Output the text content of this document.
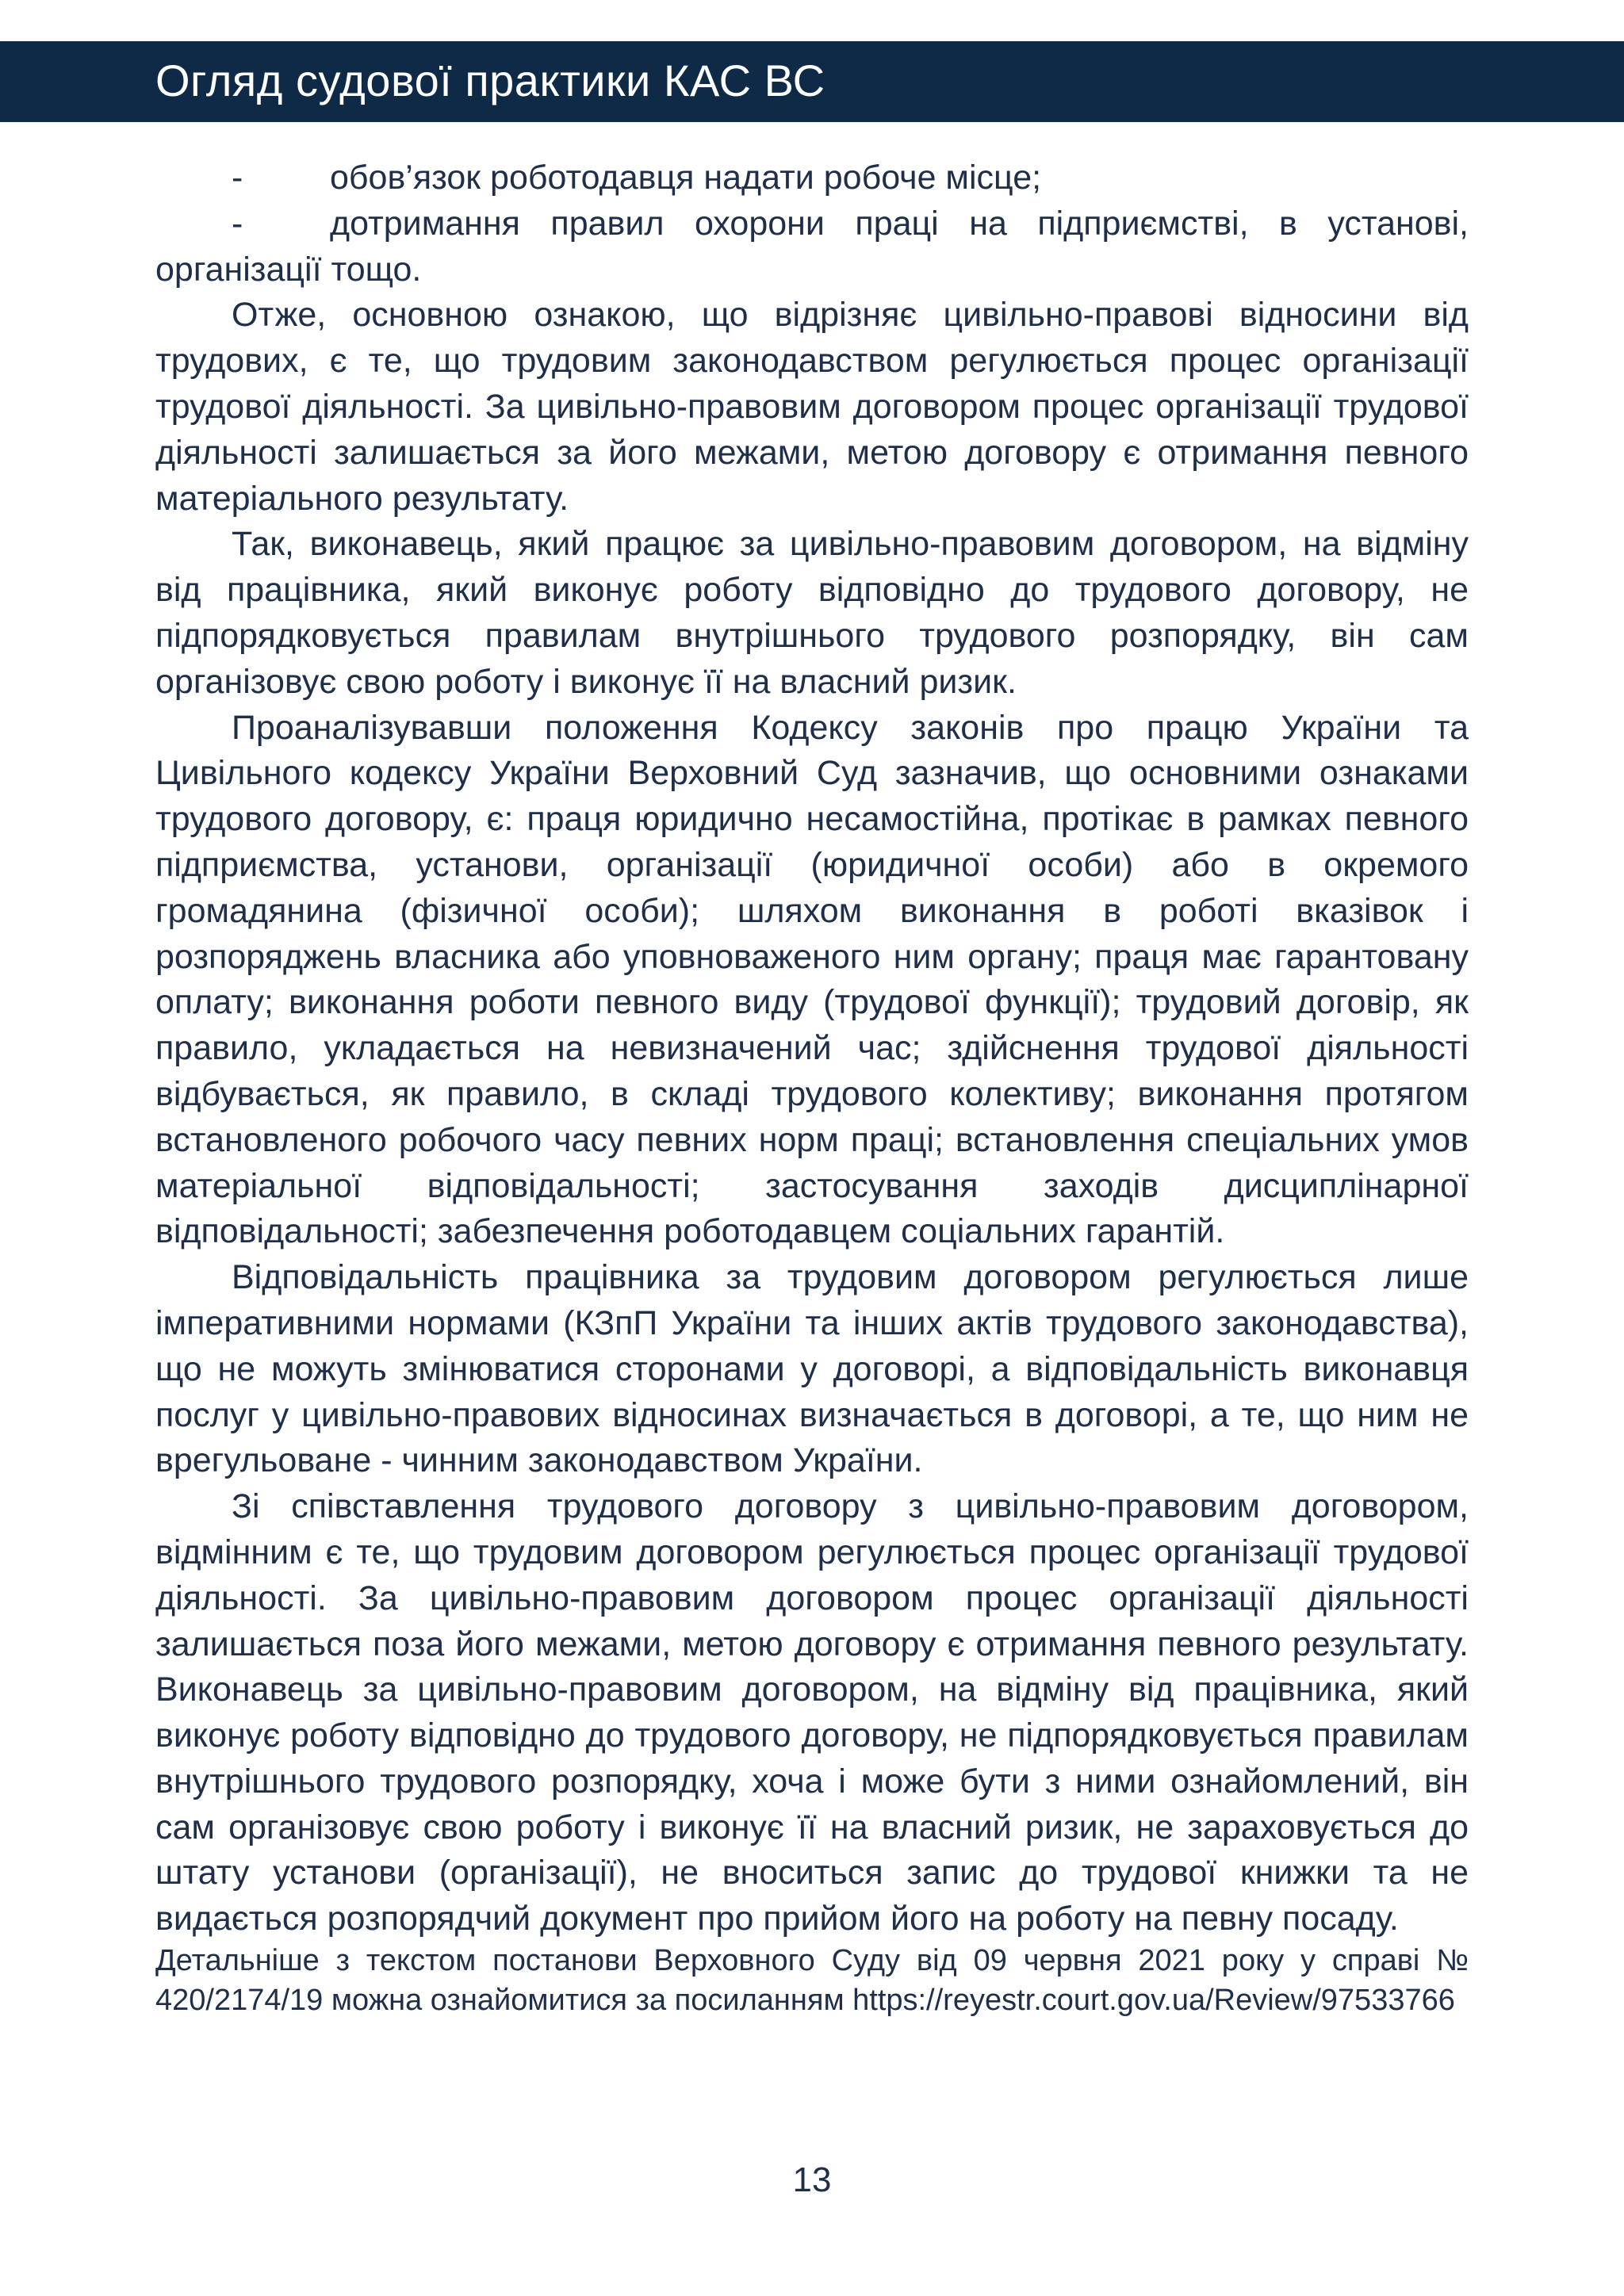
Огляд судової практики КАС ВС

-	обов’язок роботодавця надати робоче місце;

-	дотримання правил охорони праці на підприємстві, в установі, організації тощо.

Отже, основною ознакою, що відрізняє цивільно-правові відносини від трудових, є те, що трудовим законодавством регулюється процес організації трудової діяльності. За цивільно-правовим договором процес організації трудової діяльності залишається за його межами, метою договору є отримання певного матеріального результату.

Так, виконавець, який працює за цивільно-правовим договором, на відміну від працівника, який виконує роботу відповідно до трудового договору, не підпорядковується правилам внутрішнього трудового розпорядку, він сам організовує свою роботу і виконує її на власний ризик.

Проаналізувавши положення Кодексу законів про працю України та Цивільного кодексу України Верховний Суд зазначив, що основними ознаками трудового договору, є: праця юридично несамостійна, протікає в рамках певного підприємства, установи, організації (юридичної особи) або в окремого громадянина (фізичної особи); шляхом виконання в роботі вказівок і розпоряджень власника або уповноваженого ним органу; праця має гарантовану оплату; виконання роботи певного виду (трудової функції); трудовий договір, як правило, укладається на невизначений час; здійснення трудової діяльності відбувається, як правило, в складі трудового колективу; виконання протягом встановленого робочого часу певних норм праці; встановлення спеціальних умов матеріальної відповідальності; застосування заходів дисциплінарної відповідальності; забезпечення роботодавцем соціальних гарантій.

Відповідальність працівника за трудовим договором регулюється лише імперативними нормами (КЗпП України та інших актів трудового законодавства), що не можуть змінюватися сторонами у договорі, а відповідальність виконавця послуг у цивільно-правових відносинах визначається в договорі, а те, що ним не врегульоване - чинним законодавством України.

Зі співставлення трудового договору з цивільно-правовим договором, відмінним є те, що трудовим договором регулюється процес організації трудової діяльності. За цивільно-правовим договором процес організації діяльності залишається поза його межами, метою договору є отримання певного результату. Виконавець за цивільно-правовим договором, на відміну від працівника, який виконує роботу відповідно до трудового договору, не підпорядковується правилам внутрішнього трудового розпорядку, хоча і може бути з ними ознайомлений, він сам організовує свою роботу і виконує її на власний ризик, не зараховується до штату установи (організації), не вноситься запис до трудової книжки та не видається розпорядчий документ про прийом його на роботу на певну посаду.

Детальніше з текстом постанови Верховного Суду від 09 червня 2021 року у справі № 420/2174/19 можна ознайомитися за посиланням https://reyestr.court.gov.ua/Review/97533766

13
